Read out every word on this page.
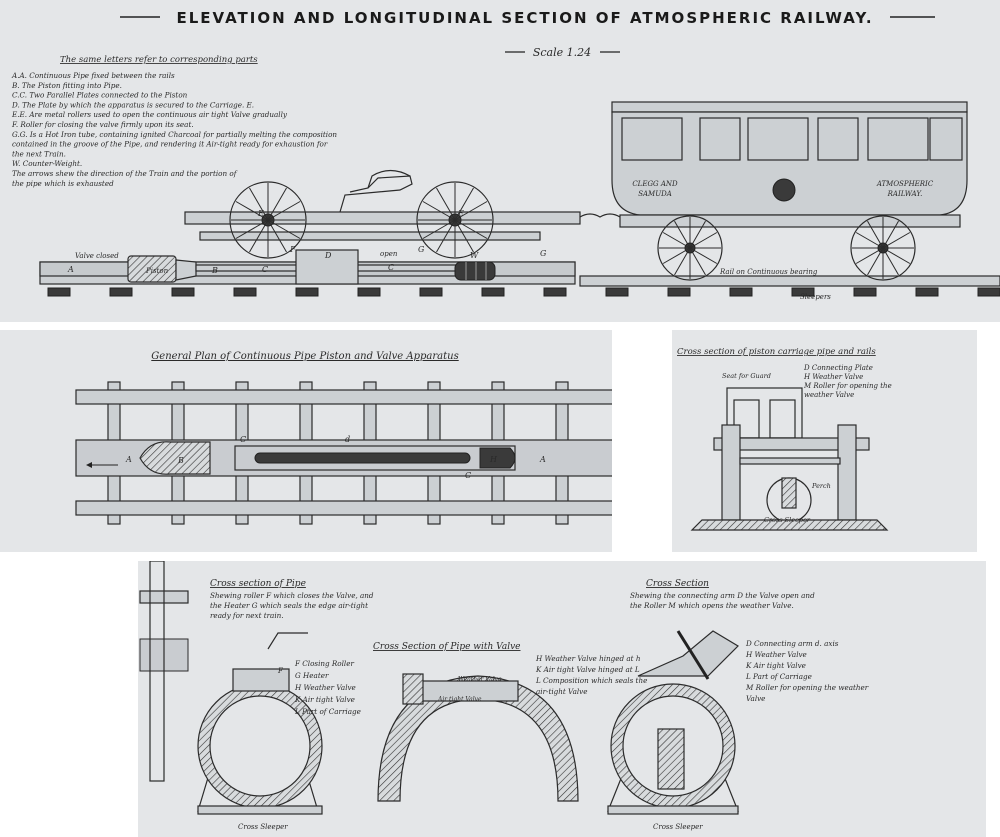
ELEVATION AND LONGITUDINAL SECTION OF ATMOSPHERIC RAILWAY.
Scale 1.24
The same letters refer to corresponding parts
A.A. Continuous Pipe fixed between the rails
B. The Piston fitting into Pipe.
C.C. Two Parallel Plates connected to the Piston
D. The Plate by which the apparatus is secured to the Carriage. E.
E.E. Are metal rollers used to open the continuous air tight Valve gradually
F. Roller for closing the valve firmly upon its seat.
G.G. Is a Hot Iron tube, containing ignited Charcoal for partially melting the composition
contained in the groove of the Pipe, and rendering it Air-tight ready for exhaustion for
the next Train.
W. Counter-Weight.
The arrows shew the direction of the Train and the portion of
the pipe which is exhausted	CLEGG AND
SAMUDA
ATMOSPHERIC
RAILWAY.
Valve closed
Piston
open
Rail on Continuous bearing
Sleepers
A	B	C
D
C
E	E
F	G	G
W
General Plan of Continuous Pipe Piston and Valve Apparatus
A	B
C	d
C
H	A
Cross section of piston carriage pipe and rails
D Connecting Plate
H Weather Valve
M Roller for opening the
weather Valve
Seat for Guard
Perch
Cross Sleeper
Cross section of Pipe
Shewing roller F which closes the Valve, and
the Heater G which seals the edge air-tight
ready for next train.
Cross Section of Pipe with Valve
Cross Section
Shewing the connecting arm D the Valve open and
the Roller M which opens the weather Valve.
F
Cross Sleeper
F Closing Roller
G Heater
H Weather Valve
K Air tight Valve
L Part of Carriage
Weather Valve
Air tight Valve
H Weather Valve hinged at h
K Air tight Valve hinged at L
L Composition which seals the
air-tight Valve
Cross Sleeper
D Connecting arm d. axis
H Weather Valve
K Air tight Valve
L Part of Carriage
M Roller for opening the weather
Valve
